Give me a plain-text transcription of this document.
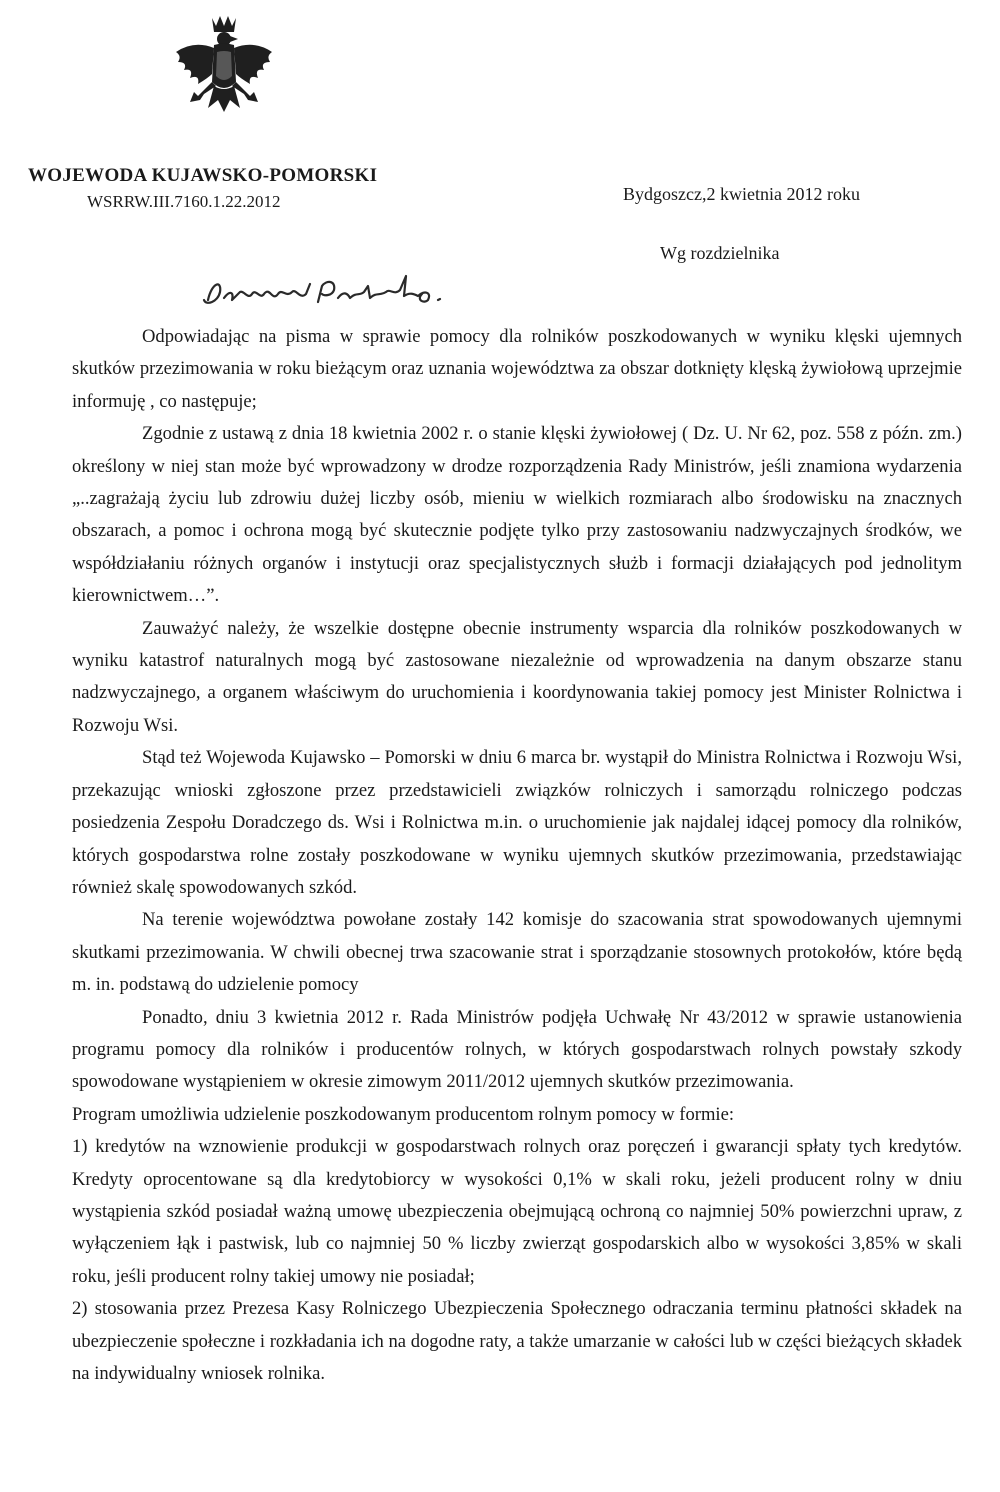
WOJEWODA KUJAWSKO-POMORSKI
WSRRW.III.7160.1.22.2012	Bydgoszcz,2 kwietnia 2012 roku
Wg rozdzielnika

Odpowiadając na pisma w sprawie pomocy dla rolników poszkodowanych w wyniku klęski ujemnych skutków przezimowania w roku bieżącym oraz uznania województwa za obszar dotknięty klęską żywiołową uprzejmie informuję , co następuje;

Zgodnie z ustawą z dnia 18 kwietnia 2002 r. o stanie klęski żywiołowej ( Dz. U. Nr 62, poz. 558 z późn. zm.) określony w niej stan może być wprowadzony w drodze rozporządzenia Rady Ministrów, jeśli znamiona wydarzenia „..zagrażają życiu lub zdrowiu dużej liczby osób, mieniu w wielkich rozmiarach albo środowisku na znacznych obszarach, a pomoc i ochrona mogą być skutecznie podjęte tylko przy zastosowaniu nadzwyczajnych środków, we współdziałaniu różnych organów i instytucji oraz specjalistycznych służb i formacji działających pod jednolitym kierownictwem…”.

Zauważyć należy, że wszelkie dostępne obecnie instrumenty wsparcia dla rolników poszkodowanych w wyniku katastrof naturalnych mogą być zastosowane niezależnie od wprowadzenia na danym obszarze stanu nadzwyczajnego, a organem właściwym do uruchomienia i koordynowania takiej pomocy jest Minister Rolnictwa i Rozwoju Wsi.

Stąd też Wojewoda Kujawsko – Pomorski w dniu 6 marca br. wystąpił do Ministra Rolnictwa i Rozwoju Wsi, przekazując wnioski zgłoszone przez przedstawicieli związków rolniczych i samorządu rolniczego podczas posiedzenia Zespołu Doradczego ds. Wsi i Rolnictwa m.in. o uruchomienie jak najdalej idącej pomocy dla rolników, których gospodarstwa rolne zostały poszkodowane w wyniku ujemnych skutków przezimowania, przedstawiając również skalę spowodowanych szkód.

Na terenie województwa powołane zostały 142 komisje do szacowania strat spowodowanych ujemnymi skutkami przezimowania. W chwili obecnej trwa szacowanie strat i sporządzanie stosownych protokołów, które będą m. in. podstawą do udzielenie pomocy

Ponadto, dniu 3 kwietnia 2012 r. Rada Ministrów podjęła Uchwałę Nr 43/2012 w sprawie ustanowienia programu pomocy dla rolników i producentów rolnych, w których gospodarstwach rolnych powstały szkody spowodowane wystąpieniem w okresie zimowym 2011/2012 ujemnych skutków przezimowania.

Program umożliwia udzielenie poszkodowanym producentom rolnym pomocy w formie:

1) kredytów na wznowienie produkcji w gospodarstwach rolnych oraz poręczeń i gwarancji spłaty tych kredytów. Kredyty oprocentowane są dla kredytobiorcy w wysokości 0,1% w skali roku, jeżeli producent rolny w dniu wystąpienia szkód posiadał ważną umowę ubezpieczenia obejmującą ochroną co najmniej 50% powierzchni upraw, z wyłączeniem łąk i pastwisk, lub co najmniej 50 % liczby zwierząt gospodarskich albo w wysokości 3,85% w skali roku, jeśli producent rolny takiej umowy nie posiadał;

2) stosowania przez Prezesa Kasy Rolniczego Ubezpieczenia Społecznego odraczania terminu płatności składek na ubezpieczenie społeczne i rozkładania ich na dogodne raty, a także umarzanie w całości lub w części bieżących składek na indywidualny wniosek rolnika.
